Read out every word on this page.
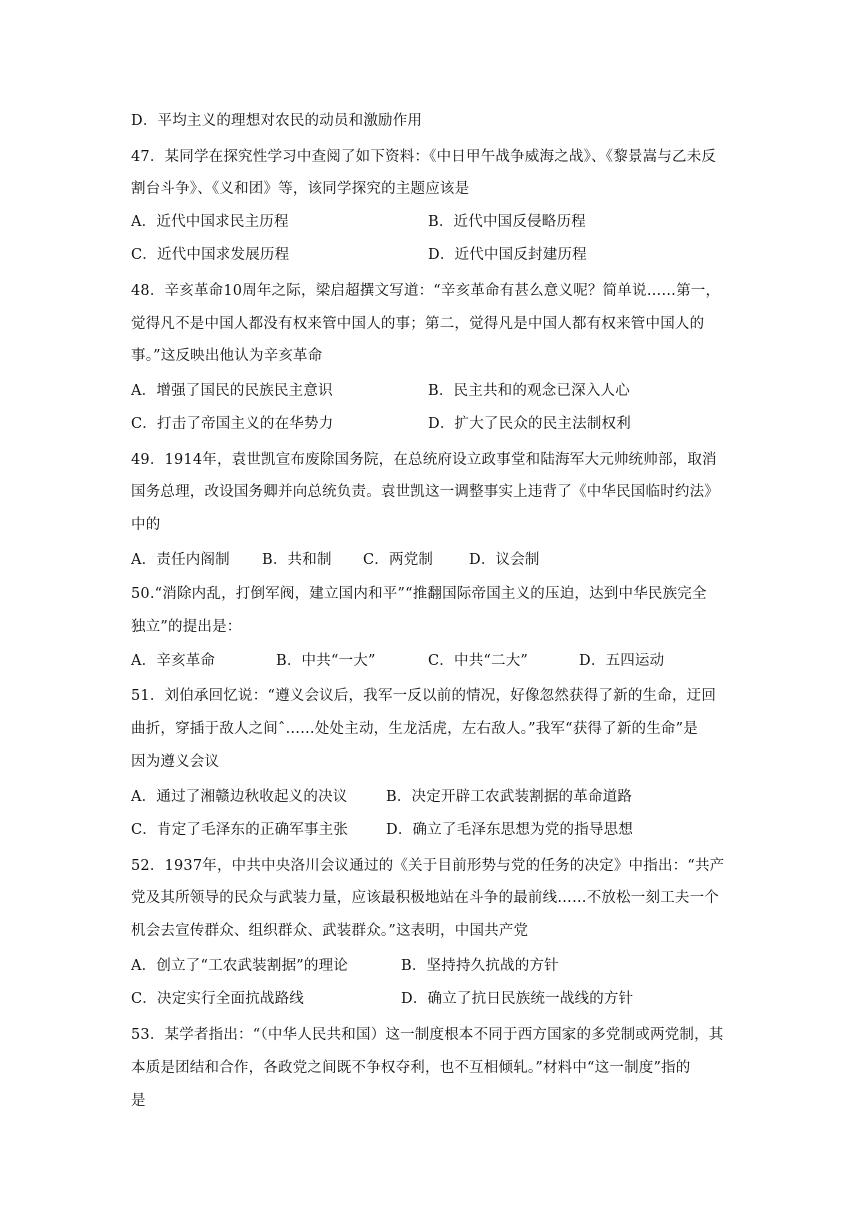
D．平均主义的理想对农民的动员和激励作用
47．某同学在探究性学习中查阅了如下资料：《中日甲午战争威海之战》、《黎景嵩与乙未反
割台斗争》、《义和团》等，该同学探究的主题应该是
A．近代中国求民主历程	B．近代中国反侵略历程
C．近代中国求发展历程	D．近代中国反封建历程
48．辛亥革命10周年之际，梁启超撰文写道：“辛亥革命有甚么意义呢？简单说……第一，
觉得凡不是中国人都没有权来管中国人的事；第二，觉得凡是中国人都有权来管中国人的
事。”这反映出他认为辛亥革命
A．增强了国民的民族民主意识	B．民主共和的观念已深入人心
C．打击了帝国主义的在华势力	D．扩大了民众的民主法制权利
49．1914年，袁世凯宣布废除国务院，在总统府设立政事堂和陆海军大元帅统帅部，取消
国务总理，改设国务卿并向总统负责。袁世凯这一调整事实上违背了《中华民国临时约法》
中的
A．责任内阁制 B．共和制 C．两党制 D．议会制
50.“消除内乱，打倒军阀，建立国内和平”“推翻国际帝国主义的压迫，达到中华民族完全
独立”的提出是：
A．辛亥革命	B．中共“一大”	C．中共“二大”	D．五四运动
51．刘伯承回忆说：“遵义会议后，我军一反以前的情况，好像忽然获得了新的生命，迂回
曲折，穿插于敌人之间ˆ……处处主动，生龙活虎，左右敌人。”我军“获得了新的生命”是
因为遵义会议
A．通过了湘赣边秋收起义的决议	B．决定开辟工农武装割据的革命道路
C．肯定了毛泽东的正确军事主张	D．确立了毛泽东思想为党的指导思想
52．1937年，中共中央洛川会议通过的《关于目前形势与党的任务的决定》中指出：“共产
党及其所领导的民众与武装力量，应该最积极地站在斗争的最前线……不放松一刻工夫一个
机会去宣传群众、组织群众、武装群众。”这表明，中国共产党
A．创立了“工农武装割据”的理论	B．坚持持久抗战的方针
C．决定实行全面抗战路线	D．确立了抗日民族统一战线的方针
53．某学者指出：“（中华人民共和国）这一制度根本不同于西方国家的多党制或两党制，其
本质是团结和合作，各政党之间既不争权夺利，也不互相倾轧。”材料中“这一制度”指的
是
